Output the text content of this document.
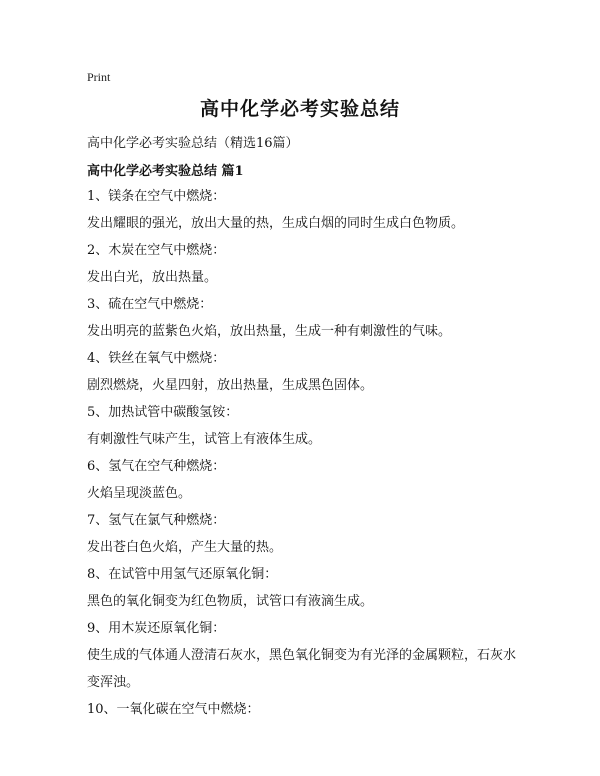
Print
高中化学必考实验总结
高中化学必考实验总结（精选16篇）
高中化学必考实验总结 篇1
1、镁条在空气中燃烧：
发出耀眼的强光，放出大量的热，生成白烟的同时生成白色物质。
2、木炭在空气中燃烧：
发出白光，放出热量。
3、硫在空气中燃烧：
发出明亮的蓝紫色火焰，放出热量，生成一种有刺激性的气味。
4、铁丝在氧气中燃烧：
剧烈燃烧，火星四射，放出热量，生成黑色固体。
5、加热试管中碳酸氢铵：
有刺激性气味产生，试管上有液体生成。
6、氢气在空气种燃烧：
火焰呈现淡蓝色。
7、氢气在氯气种燃烧：
发出苍白色火焰，产生大量的热。
8、在试管中用氢气还原氧化铜：
黑色的氧化铜变为红色物质，试管口有液滴生成。
9、用木炭还原氧化铜：
使生成的气体通人澄清石灰水，黑色氧化铜变为有光泽的金属颗粒，石灰水变浑浊。
10、一氧化碳在空气中燃烧：
